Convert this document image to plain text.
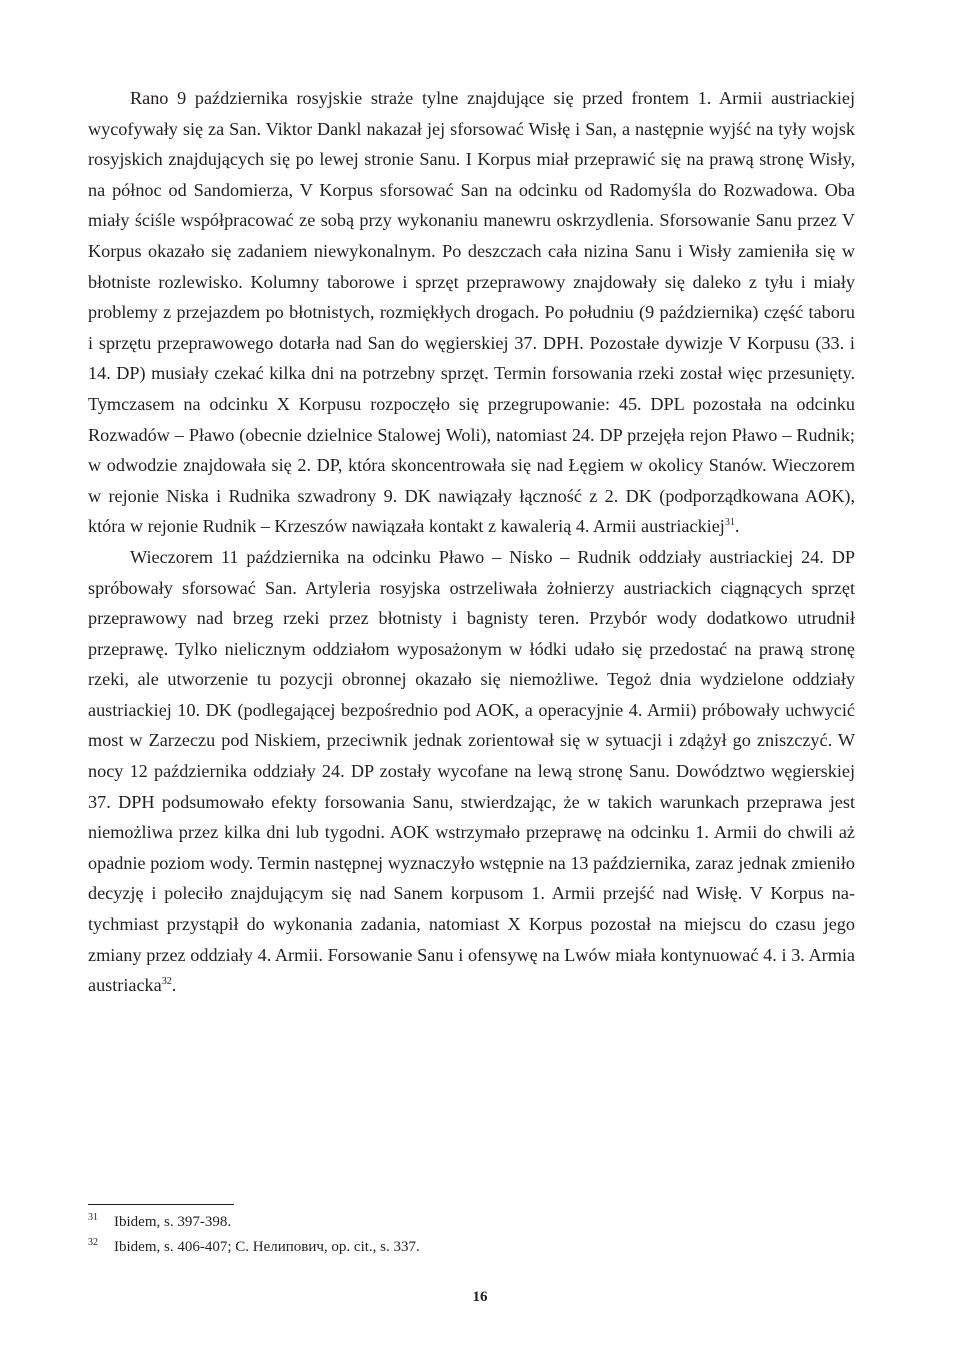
Rano 9 października rosyjskie straże tylne znajdujące się przed frontem 1. Armii austriackiej wycofywały się za San. Viktor Dankl nakazał jej sforsować Wisłę i San, a następnie wyjść na tyły wojsk rosyjskich znajdujących się po lewej stronie Sanu. I Korpus miał przeprawić się na prawą stronę Wisły, na północ od Sandomierza, V Korpus sforsować San na odcinku od Radomyśla do Rozwadowa. Oba miały ściśle współpracować ze sobą przy wykonaniu manewru oskrzydlenia. Sforsowanie Sanu przez V Korpus okazało się zadaniem niewykonalnym. Po deszczach cała nizina Sanu i Wisły zamieniła się w błotniste rozlewisko. Kolumny taborowe i sprzęt przeprawowy znajdowały się daleko z tyłu i miały problemy z przejazdem po błotnistych, rozmiękłych drogach. Po południu (9 października) część taboru i sprzętu przeprawowego dotarła nad San do węgierskiej 37. DPH. Pozostałe dywizje V Korpusu (33. i 14. DP) musiały czekać kilka dni na potrzebny sprzęt. Termin forsowania rzeki został więc przesunięty. Tymczasem na odcinku X Korpusu rozpoczęło się przegrupowanie: 45. DPL pozostała na odcinku Rozwadów – Pławo (obecnie dzielnice Stalowej Woli), natomiast 24. DP przejęła rejon Pławo – Rudnik; w odwodzie znajdowała się 2. DP, która skoncentrowała się nad Łęgiem w okolicy Stanów. Wieczorem w rejonie Niska i Rudnika szwadrony 9. DK nawiązały łączność z 2. DK (podporządkowana AOK), która w rejonie Rudnik – Krzeszów nawiązała kontakt z kawalerią 4. Armii austriackiej$^{31}$.

Wieczorem 11 października na odcinku Pławo – Nisko – Rudnik oddziały austriackiej 24. DP spróbowały sforsować San. Artyleria rosyjska ostrzeliwała żołnierzy austriackich ciągnących sprzęt przeprawowy nad brzeg rzeki przez błotnisty i bagnisty teren. Przybór wody dodatkowo utrudnił przeprawę. Tylko nielicznym oddziałom wyposażonym w łódki udało się przedostać na prawą stronę rzeki, ale utworzenie tu pozycji obronnej okazało się niemożliwe. Tegoż dnia wydzielone oddziały austriackiej 10. DK (podlegającej bezpośrednio pod AOK, a operacyjnie 4. Armii) próbowały uchwycić most w Zarzeczu pod Niskiem, przeciwnik jednak zorientował się w sytuacji i zdążył go zniszczyć. W nocy 12 października oddziały 24. DP zostały wycofane na lewą stronę Sanu. Dowództwo węgierskiej 37. DPH podsumowało efekty forsowania Sanu, stwierdzając, że w takich warunkach przeprawa jest niemożliwa przez kilka dni lub tygodni. AOK wstrzymało przeprawę na odcinku 1. Armii do chwili aż opadnie poziom wody. Termin następnej wyznaczyło wstępnie na 13 października, zaraz jednak zmieniło decyzję i poleciło znajdującym się nad Sanem korpusom 1. Armii przejść nad Wisłę. V Korpus natychmiast przystąpił do wykonania zadania, natomiast X Korpus pozostał na miejscu do czasu jego zmiany przez oddziały 4. Armii. Forsowanie Sanu i ofensywę na Lwów miała kontynuować 4. i 3. Armia austriacka$^{32}$.

31 Ibidem, s. 397-398.

32 Ibidem, s. 406-407; С. Нелипович, op. cit., s. 337.

16
